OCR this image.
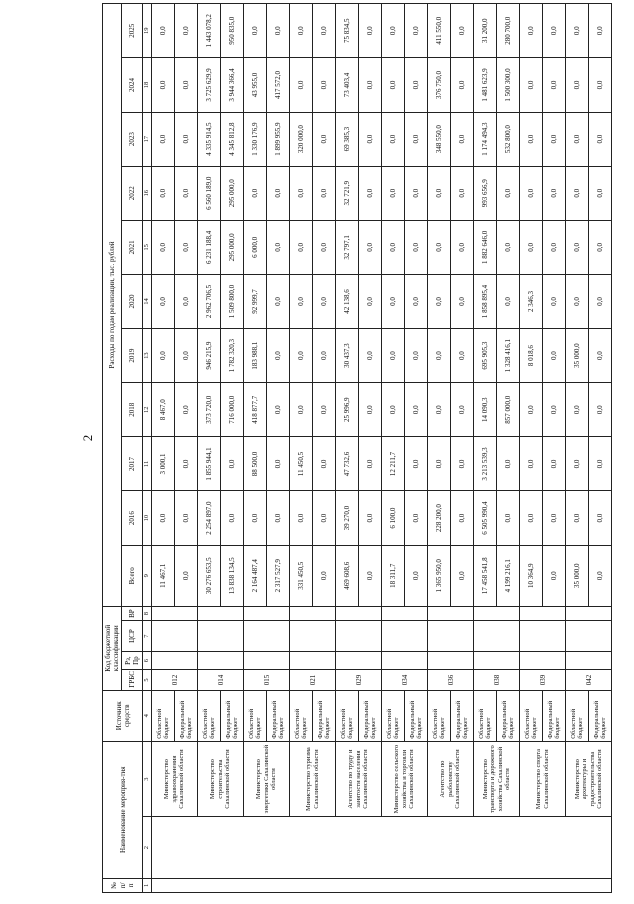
2
№ п/п	Наименование мероприя-тия		Источник средств	Код бюджетной классификации				Расходы по годам реализации, тыс. рублей										
				ГРБС	Рз, Пр	ЦСР	ВР	Всего	2016	2017	2018	2019	2020	2021	2022	2023	2024	2025
1	2	3	4	5	6	7	8	9	10	11	12	13	14	15	16	17	18	19
		Министерство здравоохранения Сахалинской области	Областной бюджет	012				11 467,1	0,0	3 000,1	8 467,0	0,0	0,0	0,0	0,0	0,0	0,0	0,0
			Федеральный бюджет					0,0	0,0	0,0	0,0	0,0	0,0	0,0	0,0	0,0	0,0	0,0
		Министерство строительства Сахалинской области	Областной бюджет	014				30 276 653,5	2 254 897,0	1 855 944,1	373 720,0	946 215,9	2 962 706,5	6 231 188,4	6 560 189,0	4 335 914,5	3 725 629,9	1 443 078,2
			Федеральный бюджет					13 838 134,5	0,0	0,0	716 000,0	1 782 320,3	1 509 800,0	295 000,0	295 000,0	4 345 812,8	3 944 366,4	950 835,0
		Министерство энергетики Сахалинской области	Областной бюджет	015				2 164 487,4	0,0	88 500,0	418 877,7	183 988,1	92 999,7	6 000,0	0,0	1 330 176,9	43 955,0	0,0
			Федеральный бюджет					2 317 527,9	0,0	0,0	0,0	0,0	0,0	0,0	0,0	1 899 955,9	417 572,0	0,0
		Министерство туризма Сахалинской области	Областной бюджет	021				331 450,5	0,0	11 450,5	0,0	0,0	0,0	0,0	0,0	320 000,0	0,0	0,0
			Федеральный бюджет					0,0	0,0	0,0	0,0	0,0	0,0	0,0	0,0	0,0	0,0	0,0
		Агентство по труду и занятости населения Сахалинской области	Областной бюджет	029				469 608,6	39 270,0	47 732,6	25 996,9	30 437,3	42 138,6	32 797,1	32 721,9	69 385,3	73 403,4	75 834,5
			Федеральный бюджет					0,0	0,0	0,0	0,0	0,0	0,0	0,0	0,0	0,0	0,0	0,0
		Министерство сельского хозяйства и торговли Сахалинской области	Областной бюджет	034				18 311,7	6 100,0	12 211,7	0,0	0,0	0,0	0,0	0,0	0,0	0,0	0,0
			Федеральный бюджет					0,0	0,0	0,0	0,0	0,0	0,0	0,0	0,0	0,0	0,0	0,0
		Агентство по рыболовству Сахалинской области	Областной бюджет	036				1 365 950,0	228 200,0	0,0	0,0	0,0	0,0	0,0	0,0	348 550,0	376 750,0	411 550,0
			Федеральный бюджет					0,0	0,0	0,0	0,0	0,0	0,0	0,0	0,0	0,0	0,0	0,0
		Министерство транспорта и дорожного хозяйства Сахалинской области	Областной бюджет	038				17 458 541,8	6 505 990,4	3 213 539,3	14 090,3	695 905,3	1 858 895,4	1 882 646,0	993 656,9	1 174 494,3	1 481 623,9	31 200,0
			Федеральный бюджет					4 199 216,1	0,0	0,0	857 000,0	1 328 416,1	0,0	0,0	0,0	532 800,0	1 500 300,0	280 700,0
		Министерство спорта Сахалинской области	Областной бюджет	039				10 364,9	0,0	0,0	0,0	8 018,6	2 346,3	0,0	0,0	0,0	0,0	0,0
			Федеральный бюджет					0,0	0,0	0,0	0,0	0,0	0,0	0,0	0,0	0,0	0,0	0,0
		Министерство архитектуры и градостроительства Сахалинской области	Областной бюджет	042				35 000,0	0,0	0,0	0,0	35 000,0	0,0	0,0	0,0	0,0	0,0	0,0
			Федеральный бюджет					0,0	0,0	0,0	0,0	0,0	0,0	0,0	0,0	0,0	0,0	0,0
